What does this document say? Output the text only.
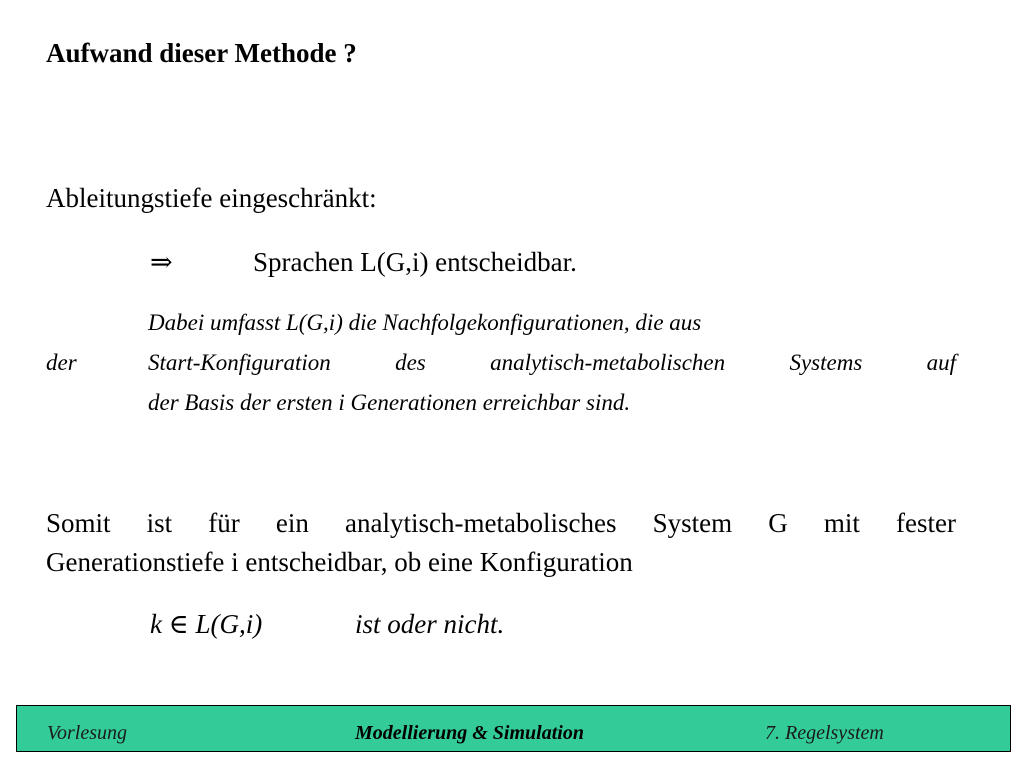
Aufwand dieser Methode ?
Ableitungstiefe eingeschränkt:
⇒	Sprachen L(G,i) entscheidbar.
Dabei umfasst L(G,i) die Nachfolgekonfigurationen, die aus
der	Start-Konfiguration des analytisch-metabolischen Systems auf
der Basis der ersten i Generationen erreichbar sind.
Somit ist für ein analytisch-metabolisches System G mit fester
Generationstiefe i entscheidbar, ob eine Konfiguration
k ∈ L(G,i)	ist oder nicht.
Vorlesung	Modellierung & Simulation	7. Regelsystem
